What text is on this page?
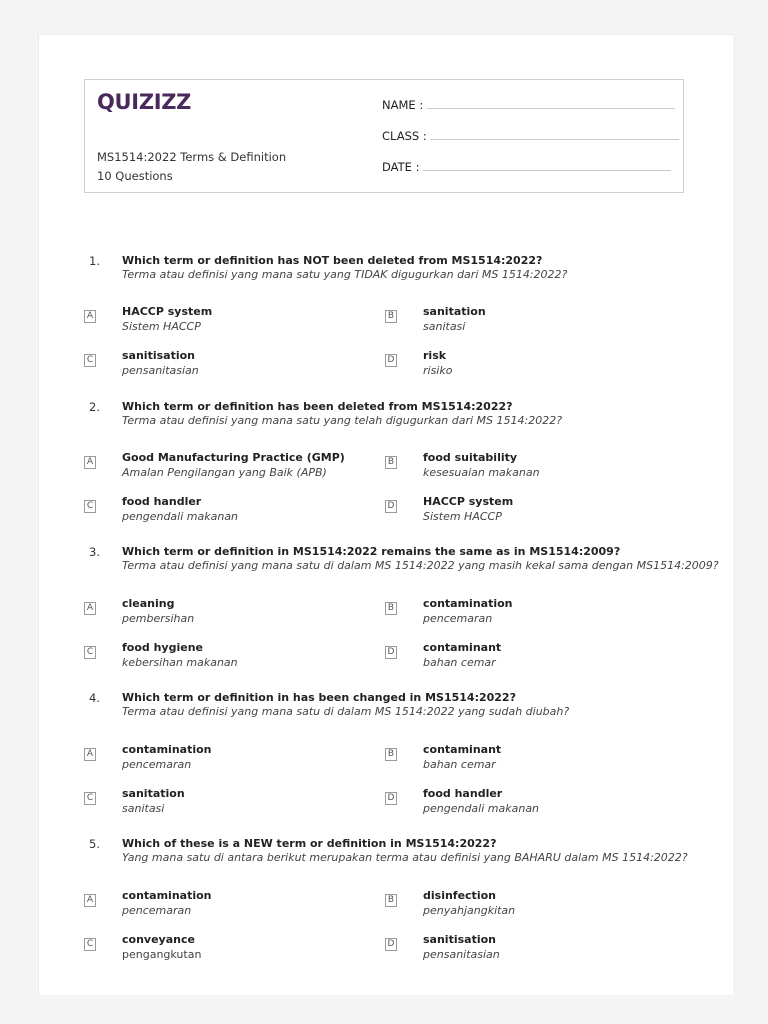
QUIZIZZ
MS1514:2022 Terms & Definition
10 Questions
NAME :
CLASS :
DATE :
1. Which term or definition has NOT been deleted from MS1514:2022?
Terma atau definisi yang mana satu yang TIDAK digugurkan dari MS 1514:2022?
A	HACCP system
Sistem HACCP
B	sanitation
sanitasi
C	sanitisation
pensanitasian
D	risk
risiko
2. Which term or definition has been deleted from MS1514:2022?
Terma atau definisi yang mana satu yang telah digugurkan dari MS 1514:2022?
A	Good Manufacturing Practice (GMP)
Amalan Pengilangan yang Baik (APB)
B	food suitability
kesesuaian makanan
C	food handler
pengendali makanan
D	HACCP system
Sistem HACCP
3. Which term or definition in MS1514:2022 remains the same as in MS1514:2009?
Terma atau definisi yang mana satu di dalam MS 1514:2022 yang masih kekal sama dengan MS1514:2009?
A	cleaning
pembersihan
B	contamination
pencemaran
C	food hygiene
kebersihan makanan
D	contaminant
bahan cemar
4. Which term or definition in has been changed in MS1514:2022?
Terma atau definisi yang mana satu di dalam MS 1514:2022 yang sudah diubah?
A	contamination
pencemaran
B	contaminant
bahan cemar
C	sanitation
sanitasi
D	food handler
pengendali makanan
5. Which of these is a NEW term or definition in MS1514:2022?
Yang mana satu di antara berikut merupakan terma atau definisi yang BAHARU dalam MS 1514:2022?
A	contamination
pencemaran
B	disinfection
penyahjangkitan
C	conveyance
pengangkutan
D	sanitisation
pensanitasian
